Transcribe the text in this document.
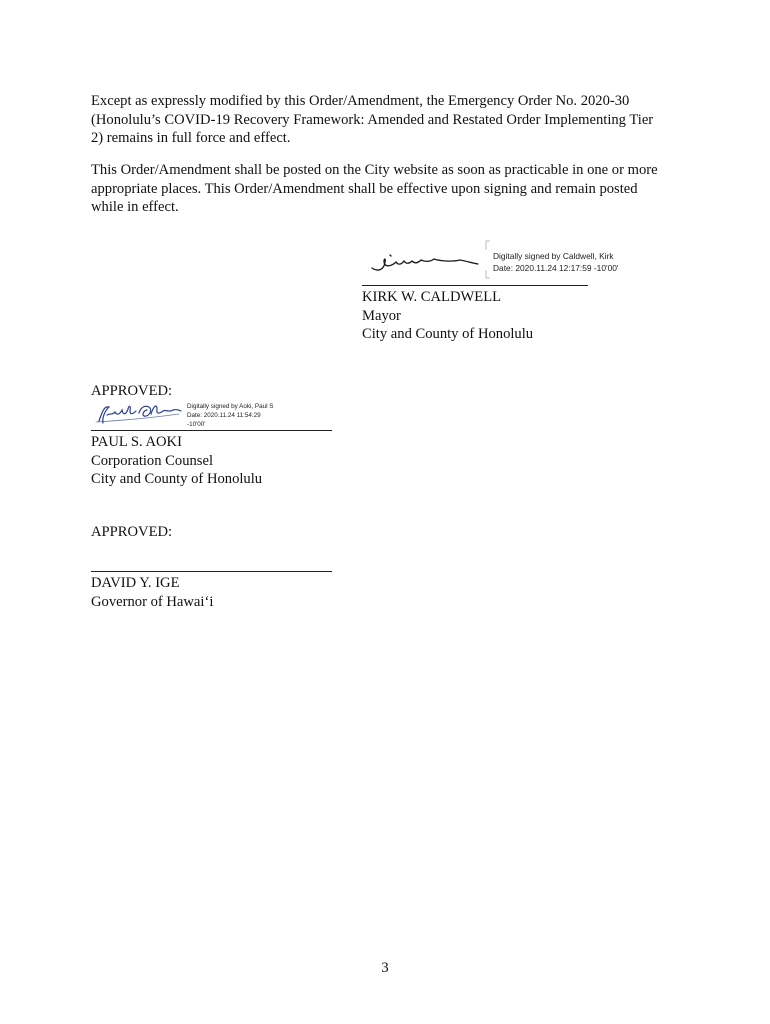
Except as expressly modified by this Order/Amendment, the Emergency Order No. 2020-30
(Honolulu’s COVID-19 Recovery Framework: Amended and Restated Order Implementing Tier
2) remains in full force and effect.
This Order/Amendment shall be posted on the City website as soon as practicable in one or more
appropriate places. This Order/Amendment shall be effective upon signing and remain posted
while in effect.
Digitally signed by Caldwell, Kirk
Date: 2020.11.24 12:17:59 -10'00'
KIRK W. CALDWELL
Mayor
City and County of Honolulu
APPROVED:
Digitally signed by Aoki, Paul S
Date: 2020.11.24 11:54:29
-10'00'
PAUL S. AOKI
Corporation Counsel
City and County of Honolulu
APPROVED:
DAVID Y. IGE
Governor of Hawai‘i
3
